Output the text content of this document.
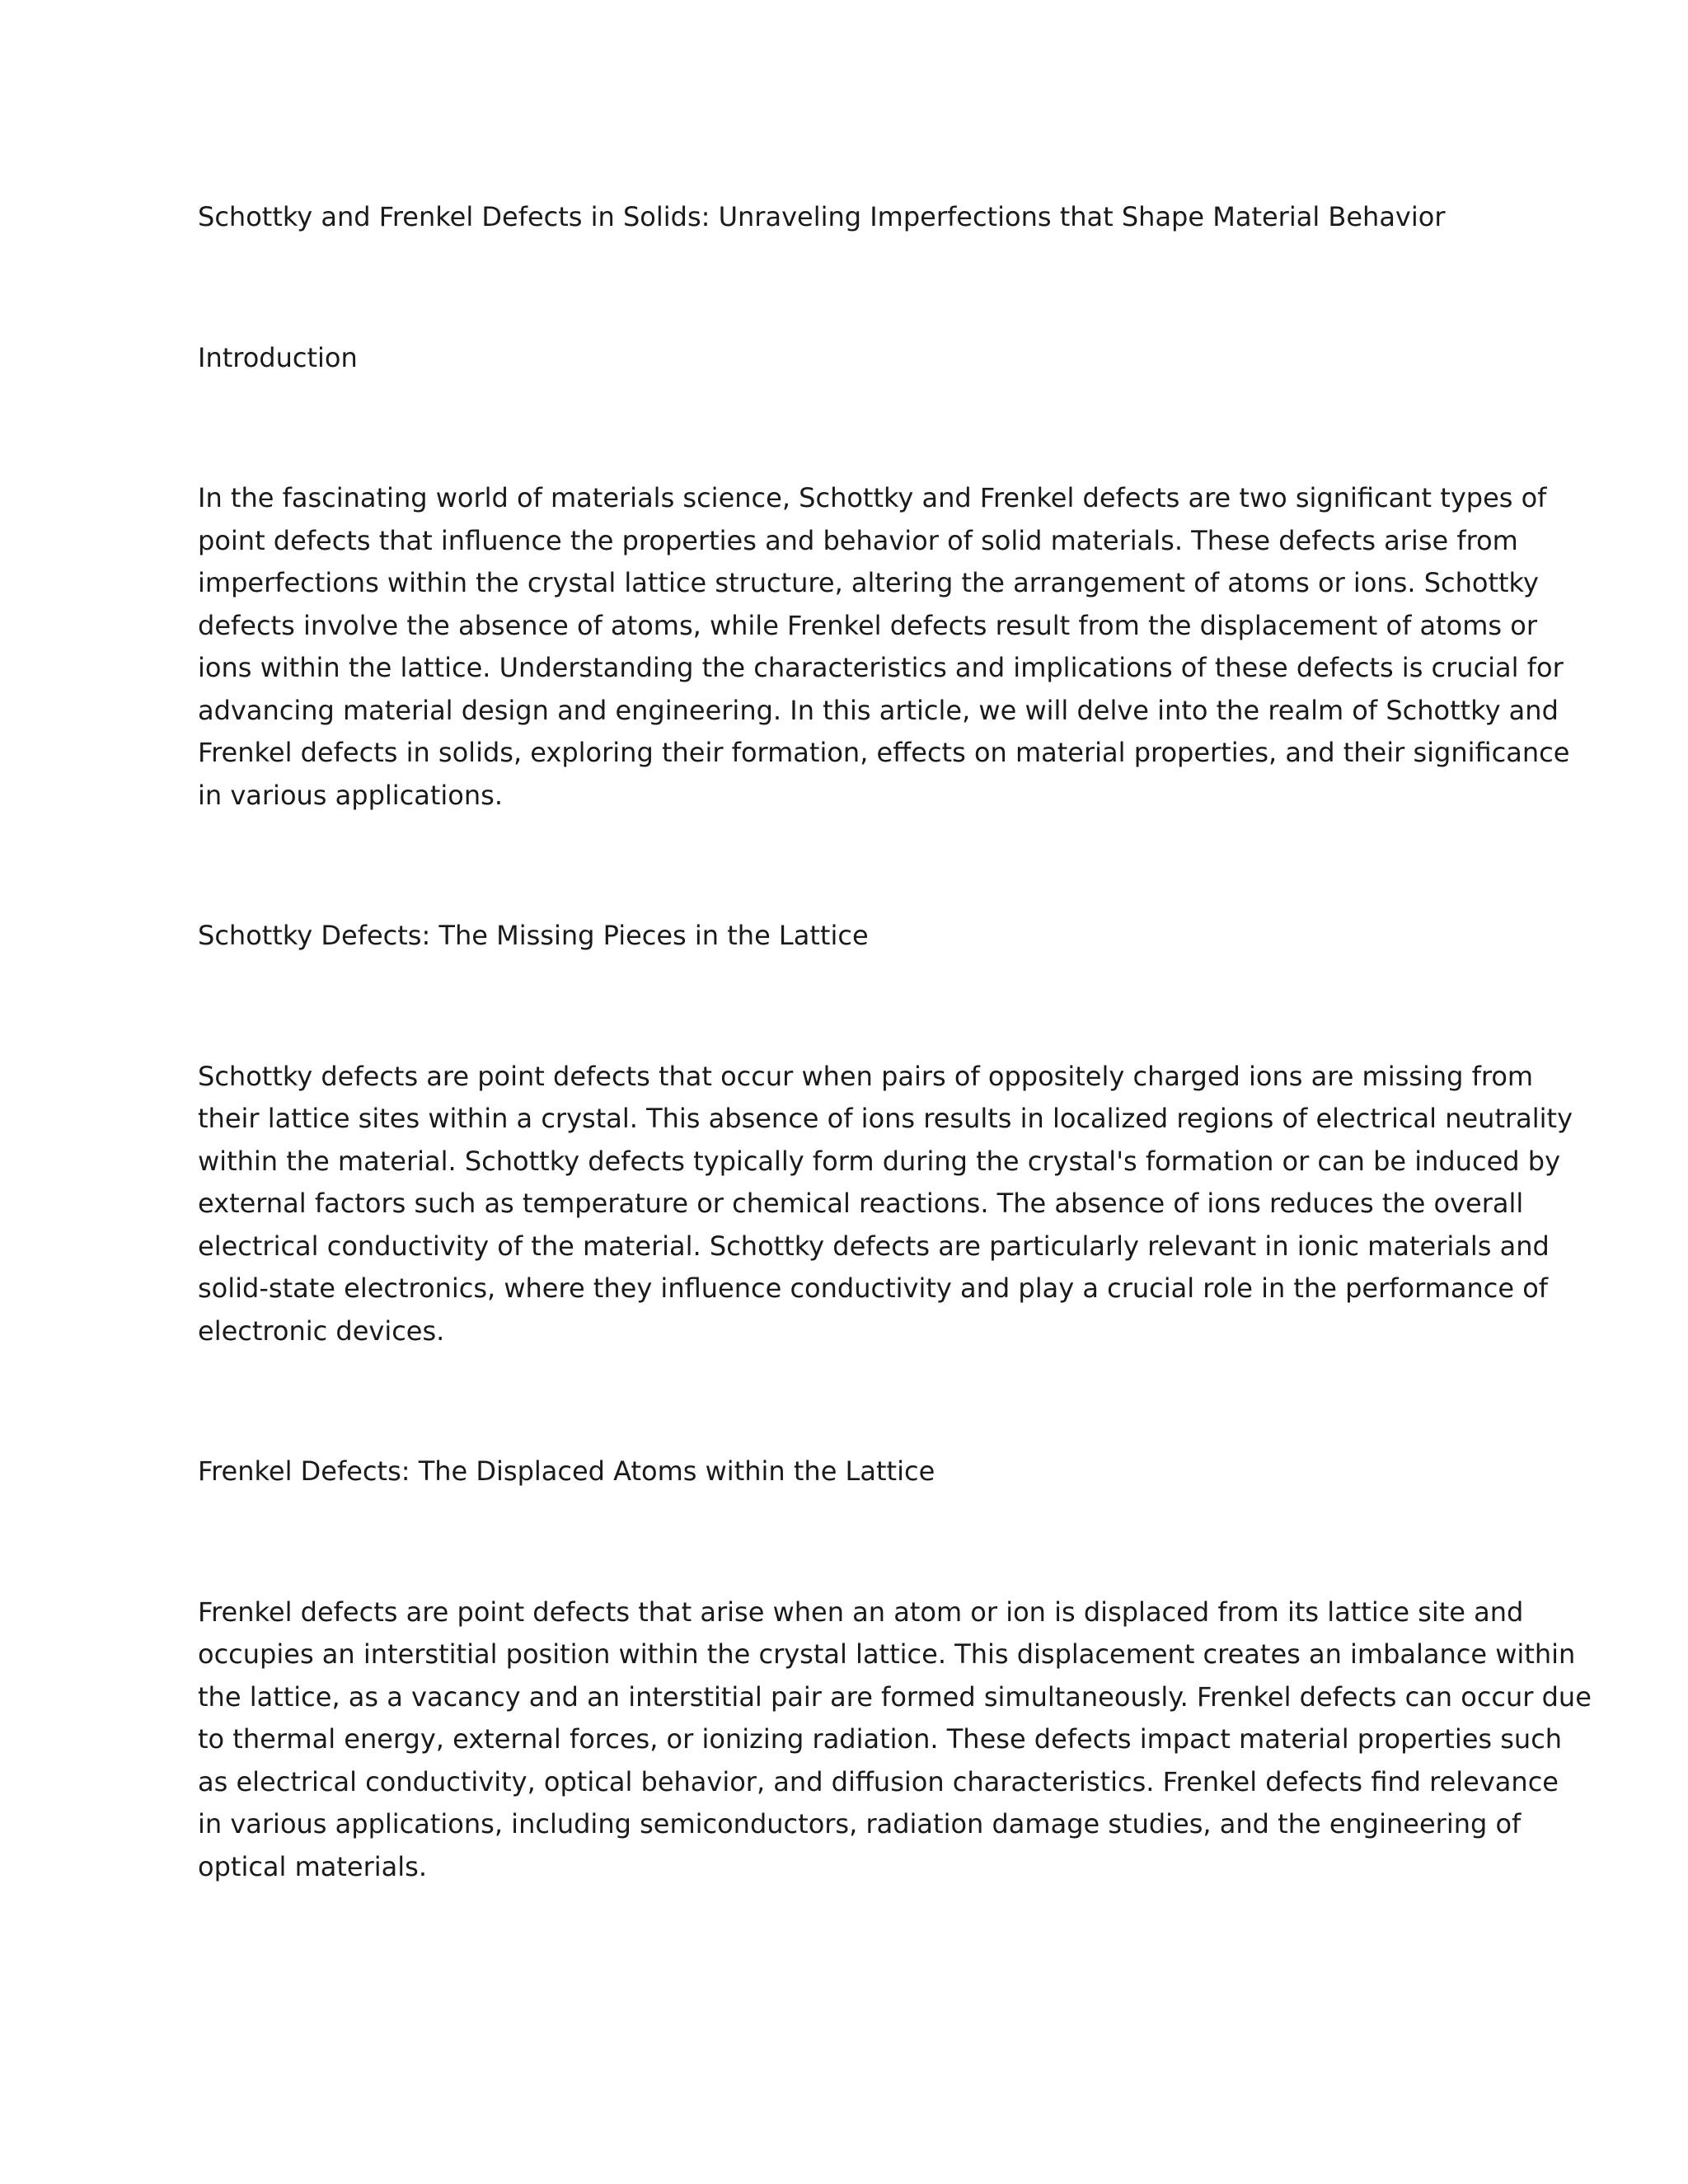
Schottky and Frenkel Defects in Solids: Unraveling Imperfections that Shape Material Behavior

Introduction

In the fascinating world of materials science, Schottky and Frenkel defects are two significant types of

point defects that influence the properties and behavior of solid materials. These defects arise from

imperfections within the crystal lattice structure, altering the arrangement of atoms or ions. Schottky

defects involve the absence of atoms, while Frenkel defects result from the displacement of atoms or

ions within the lattice. Understanding the characteristics and implications of these defects is crucial for

advancing material design and engineering. In this article, we will delve into the realm of Schottky and

Frenkel defects in solids, exploring their formation, effects on material properties, and their significance

in various applications.

Schottky Defects: The Missing Pieces in the Lattice

Schottky defects are point defects that occur when pairs of oppositely charged ions are missing from

their lattice sites within a crystal. This absence of ions results in localized regions of electrical neutrality

within the material. Schottky defects typically form during the crystal's formation or can be induced by

external factors such as temperature or chemical reactions. The absence of ions reduces the overall

electrical conductivity of the material. Schottky defects are particularly relevant in ionic materials and

solid-state electronics, where they influence conductivity and play a crucial role in the performance of

electronic devices.

Frenkel Defects: The Displaced Atoms within the Lattice

Frenkel defects are point defects that arise when an atom or ion is displaced from its lattice site and

occupies an interstitial position within the crystal lattice. This displacement creates an imbalance within

the lattice, as a vacancy and an interstitial pair are formed simultaneously. Frenkel defects can occur due

to thermal energy, external forces, or ionizing radiation. These defects impact material properties such

as electrical conductivity, optical behavior, and diffusion characteristics. Frenkel defects find relevance

in various applications, including semiconductors, radiation damage studies, and the engineering of

optical materials.
